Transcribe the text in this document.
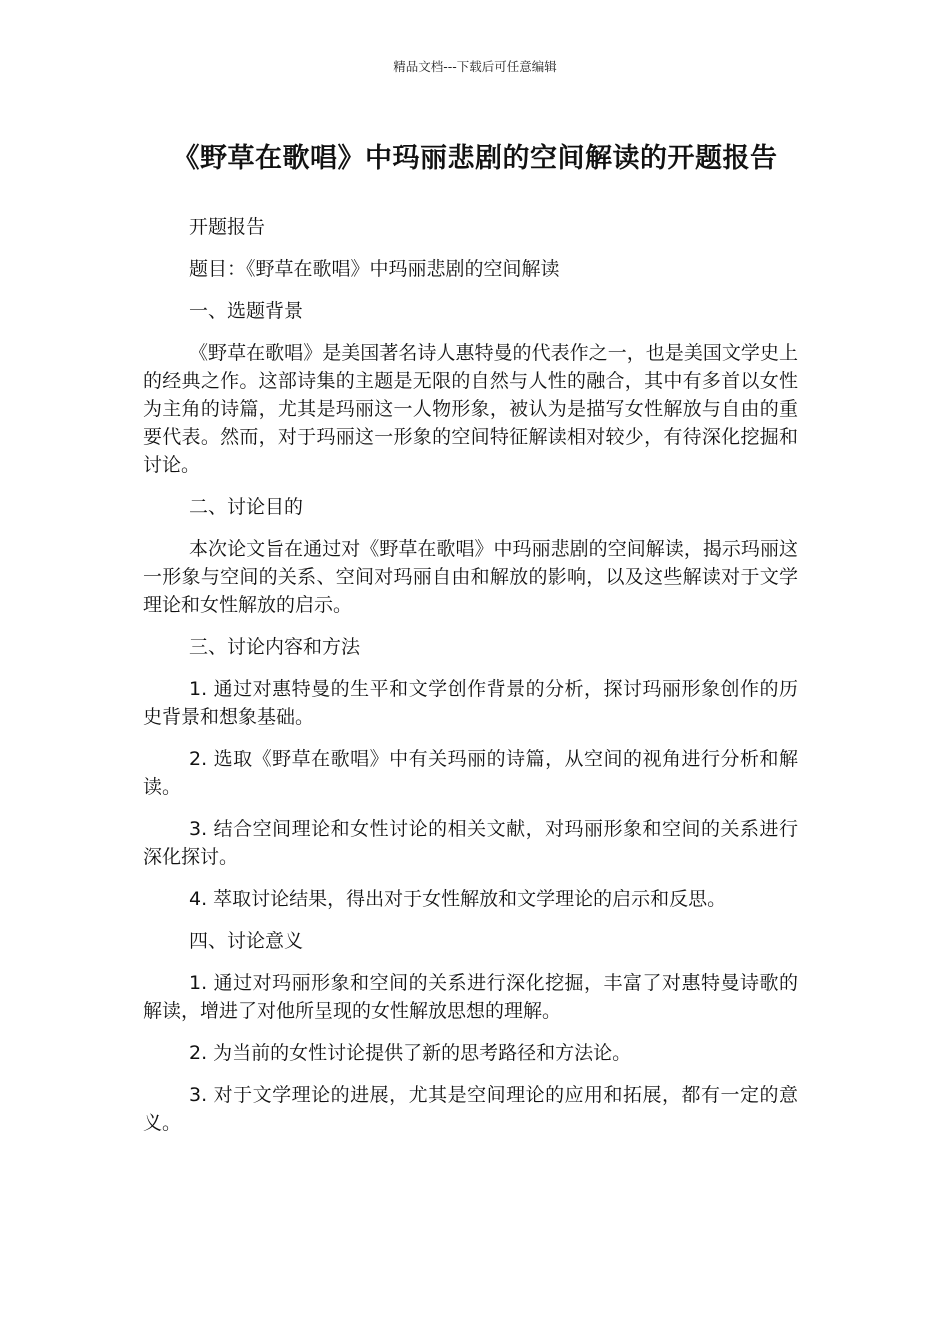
精品文档---下载后可任意编辑
《野草在歌唱》中玛丽悲剧的空间解读的开题报告

开题报告

题目：《野草在歌唱》中玛丽悲剧的空间解读

一、选题背景

《野草在歌唱》是美国著名诗人惠特曼的代表作之一，也是美国文学史上的经典之作。这部诗集的主题是无限的自然与人性的融合，其中有多首以女性为主角的诗篇，尤其是玛丽这一人物形象，被认为是描写女性解放与自由的重要代表。然而，对于玛丽这一形象的空间特征解读相对较少，有待深化挖掘和讨论。

二、讨论目的

本次论文旨在通过对《野草在歌唱》中玛丽悲剧的空间解读，揭示玛丽这一形象与空间的关系、空间对玛丽自由和解放的影响，以及这些解读对于文学理论和女性解放的启示。

三、讨论内容和方法

1. 通过对惠特曼的生平和文学创作背景的分析，探讨玛丽形象创作的历史背景和想象基础。

2. 选取《野草在歌唱》中有关玛丽的诗篇，从空间的视角进行分析和解读。

3. 结合空间理论和女性讨论的相关文献，对玛丽形象和空间的关系进行深化探讨。

4. 萃取讨论结果，得出对于女性解放和文学理论的启示和反思。

四、讨论意义

1. 通过对玛丽形象和空间的关系进行深化挖掘，丰富了对惠特曼诗歌的解读，增进了对他所呈现的女性解放思想的理解。

2. 为当前的女性讨论提供了新的思考路径和方法论。

3. 对于文学理论的进展，尤其是空间理论的应用和拓展，都有一定的意义。
